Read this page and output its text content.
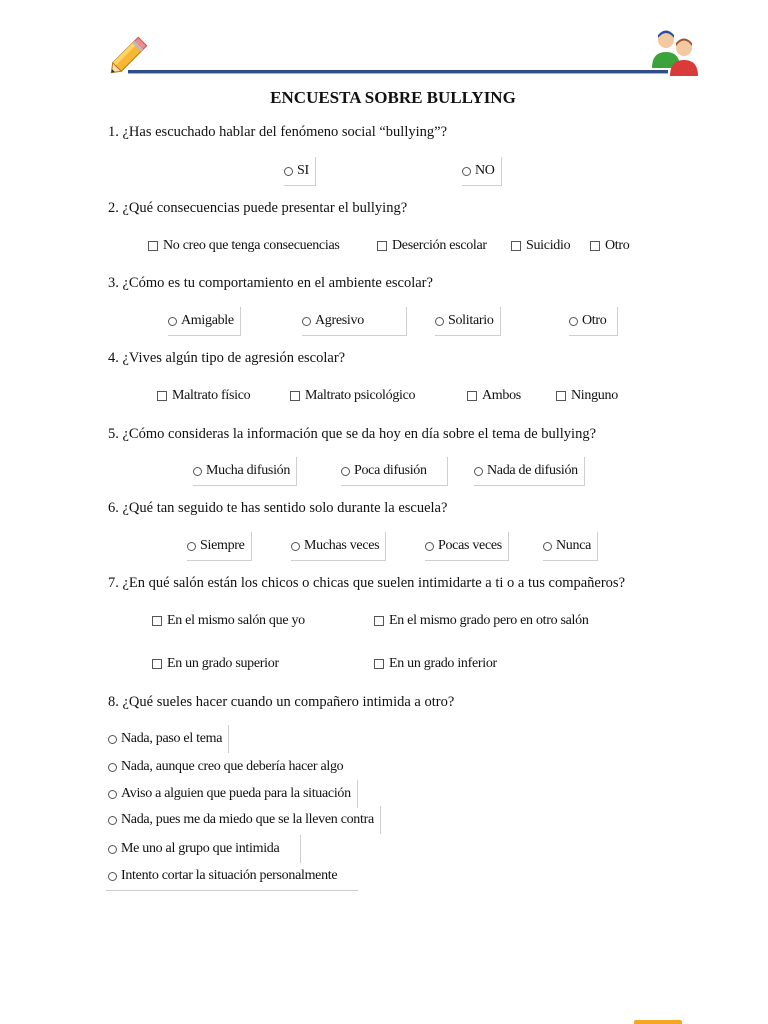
ENCUESTA SOBRE BULLYING
1. ¿Has escuchado hablar del fenómeno social “bullying”?
SI	NO
2. ¿Qué consecuencias puede presentar el bullying?
No creo que tenga consecuencias	Deserción escolar	Suicidio Otro
3. ¿Cómo es tu comportamiento en el ambiente escolar?
Amigable	Agresivo	Solitario	Otro
4. ¿Vives algún tipo de agresión escolar?
Maltrato físico	Maltrato psicológico	Ambos	Ninguno
5. ¿Cómo consideras la información que se da hoy en día sobre el tema de bullying?
Mucha difusión	Poca difusión	Nada de difusión
6. ¿Qué tan seguido te has sentido solo durante la escuela?
Siempre	Muchas veces	Pocas veces	Nunca
7. ¿En qué salón están los chicos o chicas que suelen intimidarte a ti o a tus compañeros?
En el mismo salón que yo	En el mismo grado pero en otro salón
En un grado superior	En un grado inferior
8. ¿Qué sueles hacer cuando un compañero intimida a otro?
Nada, paso el tema
Nada, aunque creo que debería hacer algo
Aviso a alguien que pueda para la situación
Nada, pues me da miedo que se la lleven contra
Me uno al grupo que intimida
Intento cortar la situación personalmente
